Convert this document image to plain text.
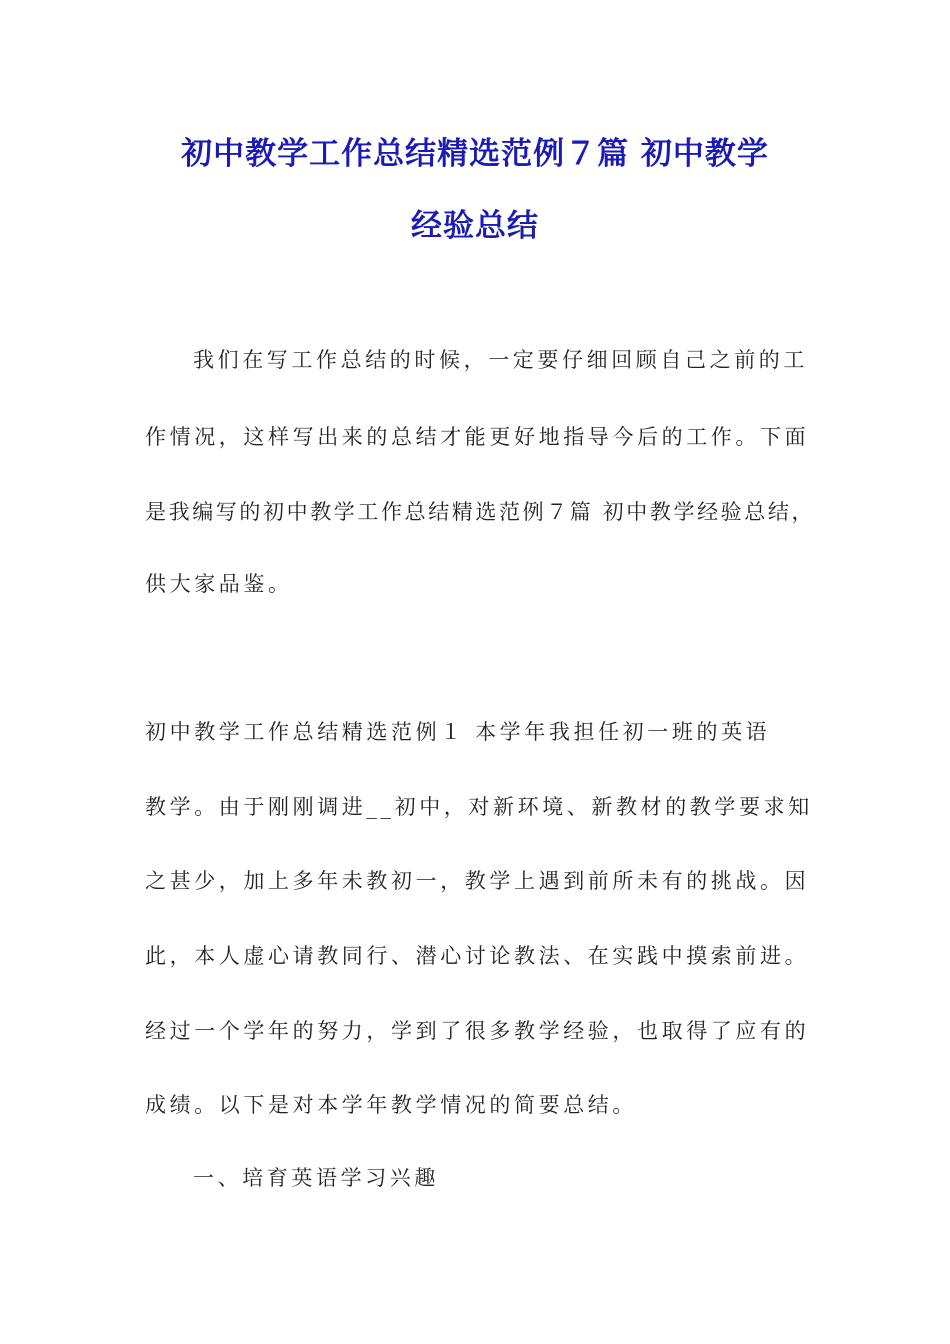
初中教学工作总结精选范例７篇 初中教学
经验总结
我们在写工作总结的时候，一定要仔细回顾自己之前的工
作情况，这样写出来的总结才能更好地指导今后的工作。下面
是我编写的初中教学工作总结精选范例７篇 初中教学经验总结，
供大家品鉴。
初中教学工作总结精选范例１ 本学年我担任初一班的英语
教学。由于刚刚调进__初中，对新环境、新教材的教学要求知
之甚少，加上多年未教初一，教学上遇到前所未有的挑战。因
此，本人虚心请教同行、潜心讨论教法、在实践中摸索前进。
经过一个学年的努力，学到了很多教学经验，也取得了应有的
成绩。以下是对本学年教学情况的简要总结。
一、培育英语学习兴趣
